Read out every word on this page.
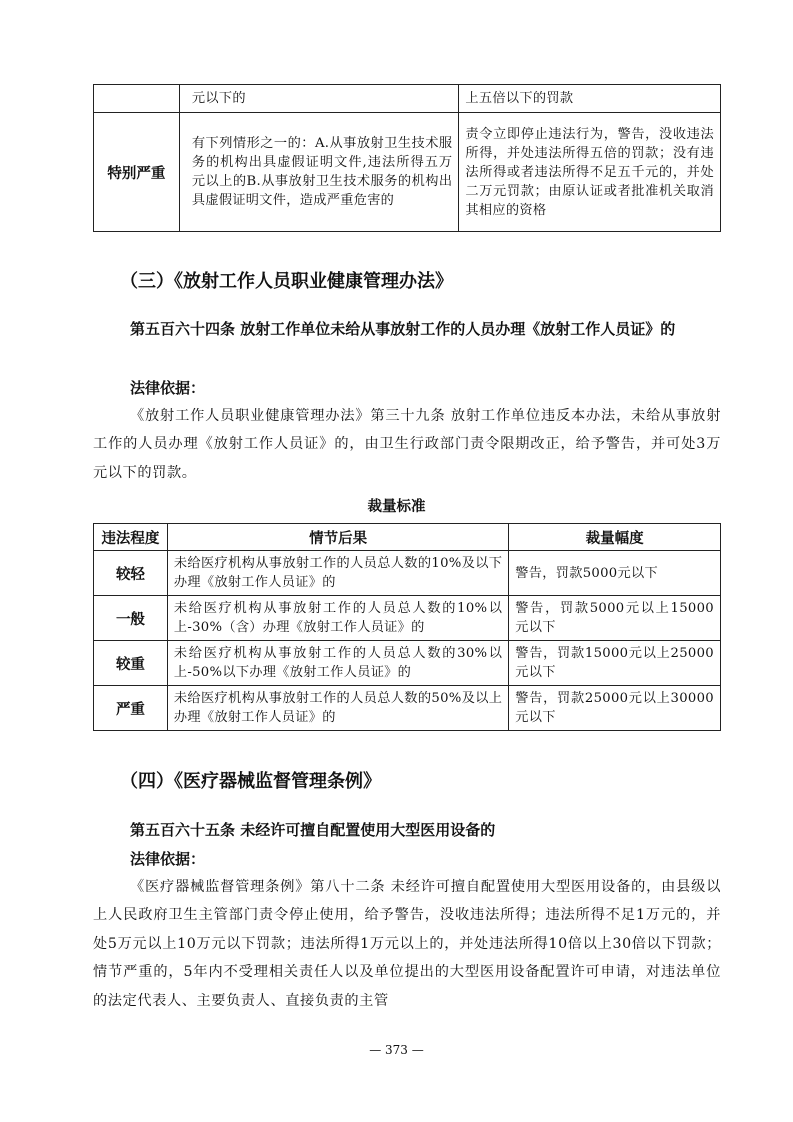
	元以下的	上五倍以下的罚款
特别严重	有下列情形之一的：A.从事放射卫生技术服务的机构出具虚假证明文件,违法所得五万元以上的B.从事放射卫生技术服务的机构出具虚假证明文件，造成严重危害的	责令立即停止违法行为，警告，没收违法所得，并处违法所得五倍的罚款；没有违法所得或者违法所得不足五千元的，并处二万元罚款；由原认证或者批准机关取消其相应的资格
（三）《放射工作人员职业健康管理办法》
第五百六十四条 放射工作单位未给从事放射工作的人员办理《放射工作人员证》的
法律依据：
《放射工作人员职业健康管理办法》第三十九条 放射工作单位违反本办法，未给从事放射工作的人员办理《放射工作人员证》的，由卫生行政部门责令限期改正，给予警告，并可处3万元以下的罚款。
裁量标准
违法程度	情节后果	裁量幅度
较轻	未给医疗机构从事放射工作的人员总人数的10%及以下办理《放射工作人员证》的	警告，罚款5000元以下
一般	未给医疗机构从事放射工作的人员总人数的10%以上-30%（含）办理《放射工作人员证》的	警告，罚款5000元以上15000元以下
较重	未给医疗机构从事放射工作的人员总人数的30%以上-50%以下办理《放射工作人员证》的	警告，罚款15000元以上25000元以下
严重	未给医疗机构从事放射工作的人员总人数的50%及以上办理《放射工作人员证》的	警告，罚款25000元以上30000元以下
（四）《医疗器械监督管理条例》
第五百六十五条 未经许可擅自配置使用大型医用设备的
法律依据：
《医疗器械监督管理条例》第八十二条 未经许可擅自配置使用大型医用设备的，由县级以上人民政府卫生主管部门责令停止使用，给予警告，没收违法所得；违法所得不足1万元的，并处5万元以上10万元以下罚款；违法所得1万元以上的，并处违法所得10倍以上30倍以下罚款；情节严重的，5年内不受理相关责任人以及单位提出的大型医用设备配置许可申请，对违法单位的法定代表人、主要负责人、直接负责的主管
— 373 —
